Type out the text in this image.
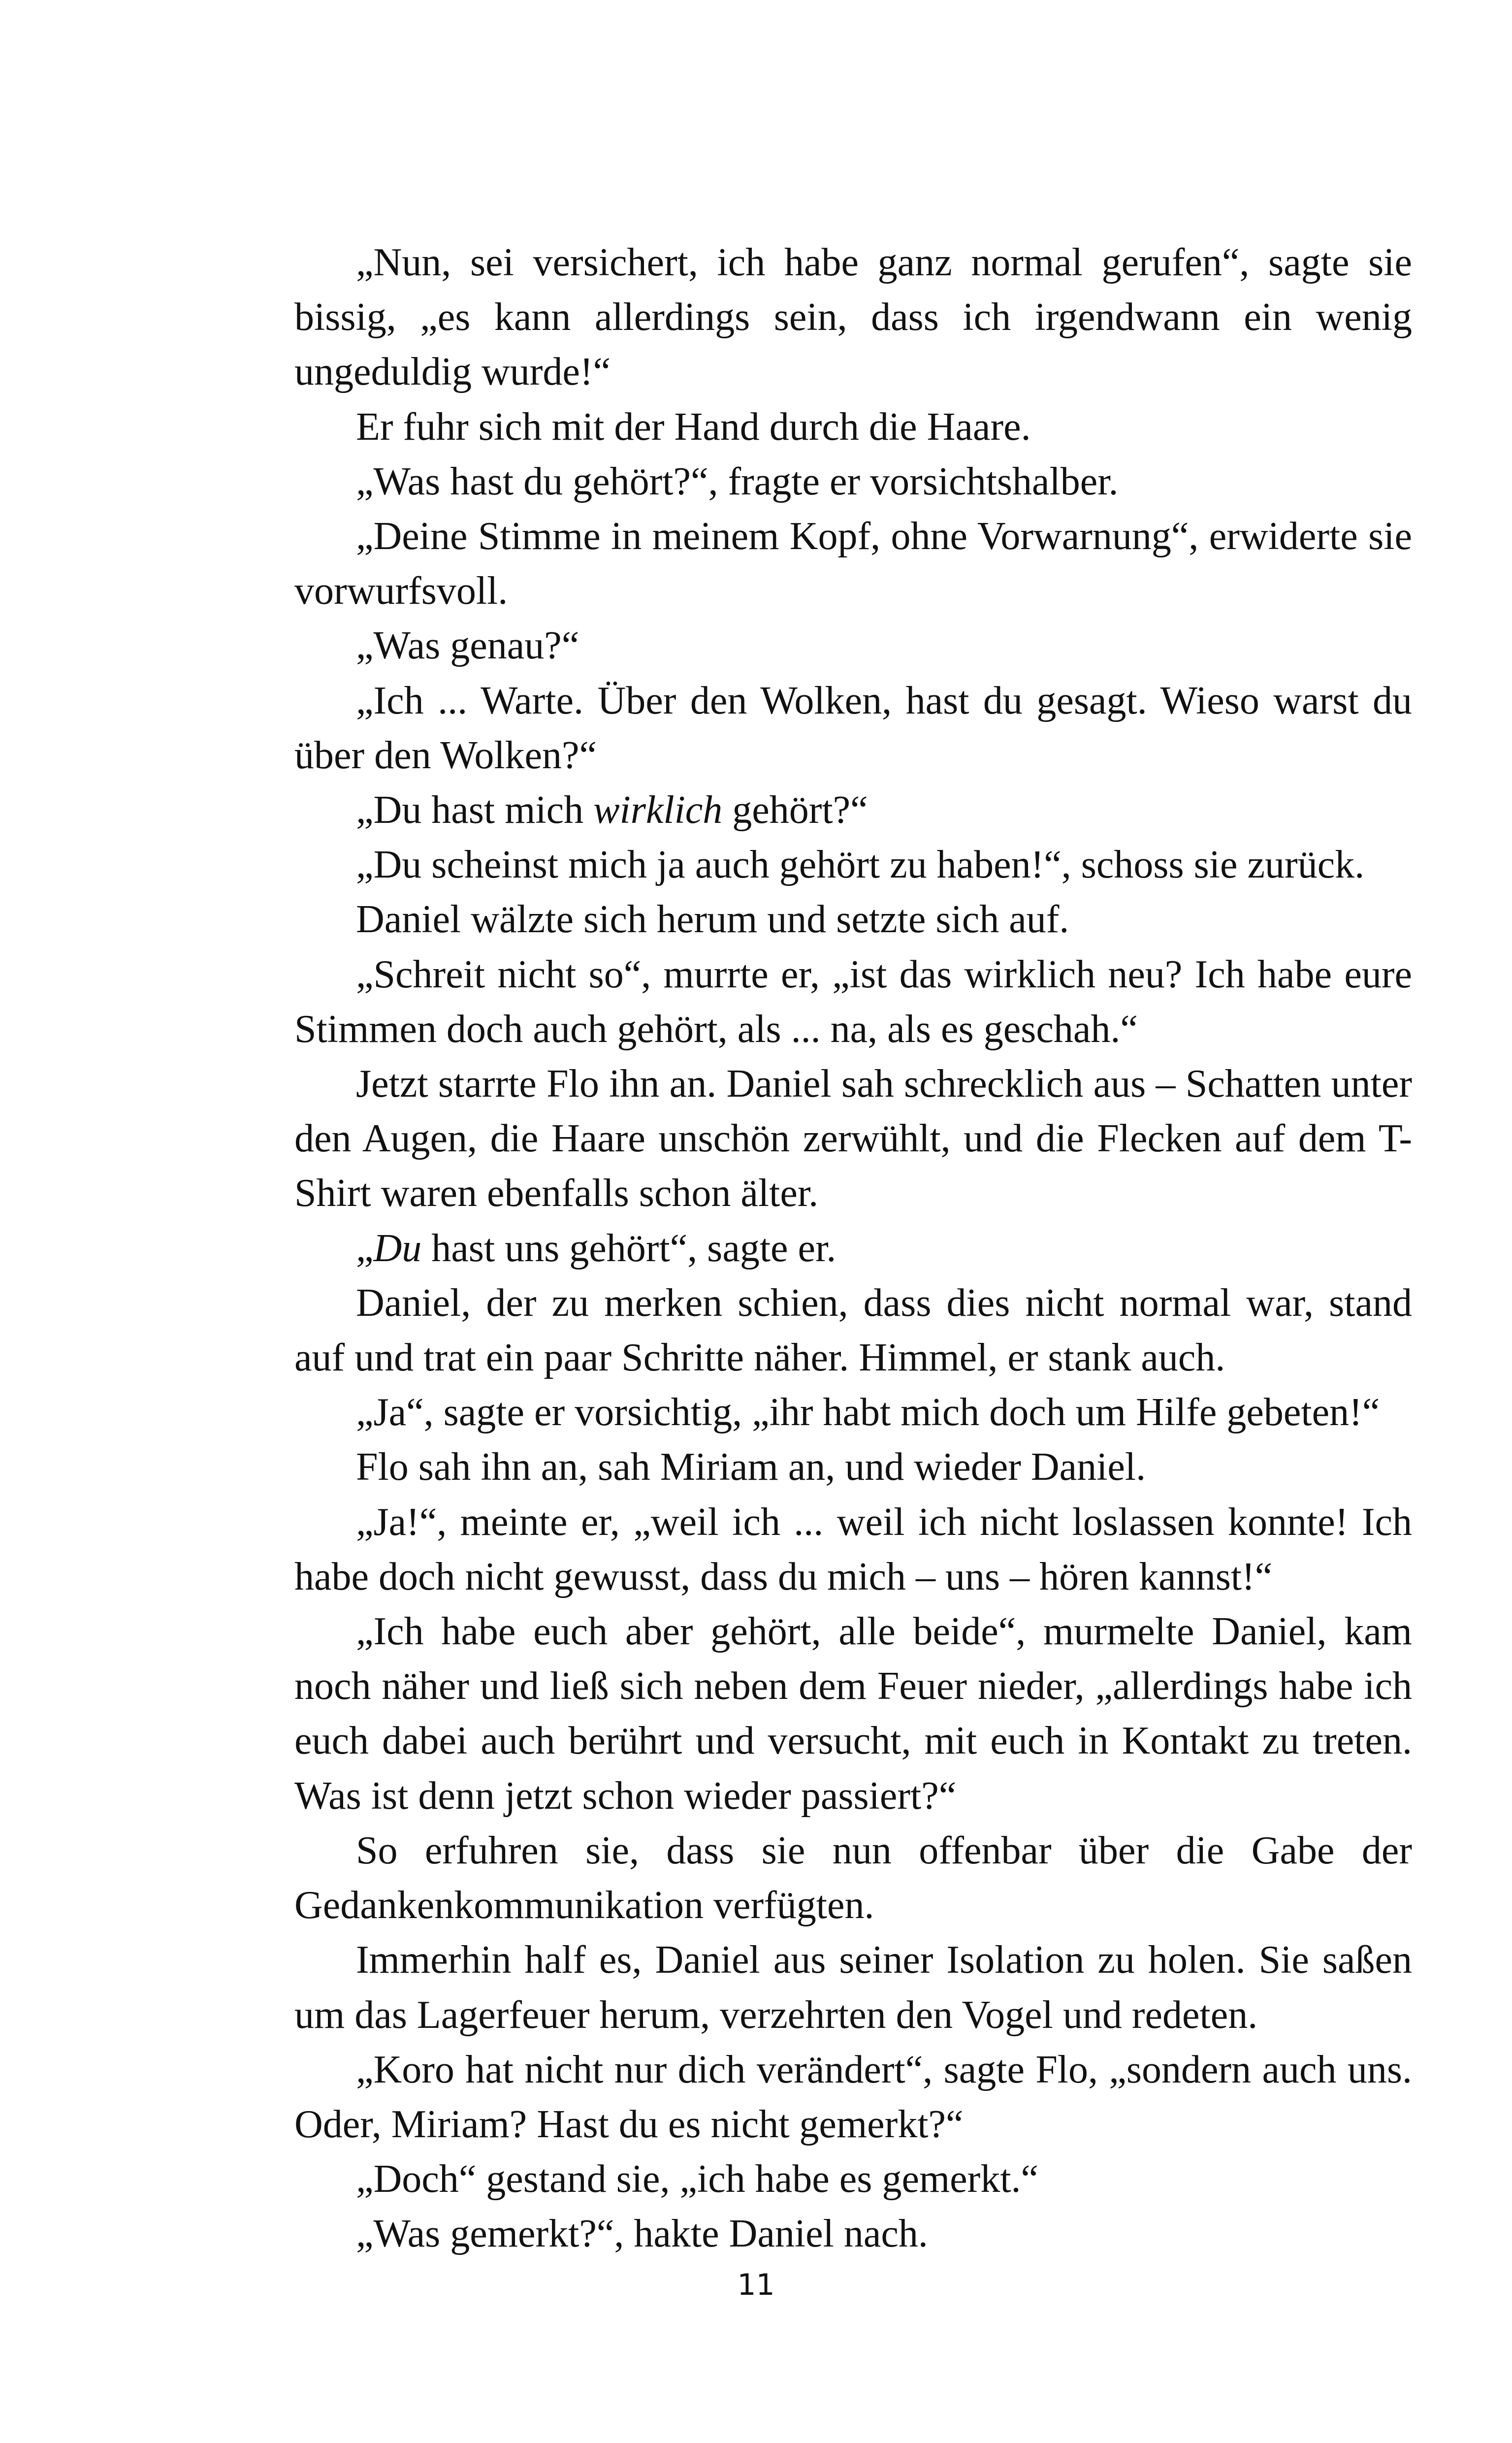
„Nun, sei versichert, ich habe ganz normal gerufen“, sagte sie bissig, „es kann allerdings sein, dass ich irgendwann ein wenig ungeduldig wurde!“

Er fuhr sich mit der Hand durch die Haare.

„Was hast du gehört?“, fragte er vorsichtshalber.

„Deine Stimme in meinem Kopf, ohne Vorwarnung“, erwiderte sie vorwurfsvoll.

„Was genau?“

„Ich ... Warte. Über den Wolken, hast du gesagt. Wieso warst du über den Wolken?“

„Du hast mich wirklich gehört?“

„Du scheinst mich ja auch gehört zu haben!“, schoss sie zurück.

Daniel wälzte sich herum und setzte sich auf.

„Schreit nicht so“, murrte er, „ist das wirklich neu? Ich habe eure Stimmen doch auch gehört, als ... na, als es geschah.“

Jetzt starrte Flo ihn an. Daniel sah schrecklich aus – Schatten unter den Augen, die Haare unschön zerwühlt, und die Flecken auf dem T-Shirt waren ebenfalls schon älter.

„Du hast uns gehört“, sagte er.

Daniel, der zu merken schien, dass dies nicht normal war, stand auf und trat ein paar Schritte näher. Himmel, er stank auch.

„Ja“, sagte er vorsichtig, „ihr habt mich doch um Hilfe gebeten!“

Flo sah ihn an, sah Miriam an, und wieder Daniel.

„Ja!“, meinte er, „weil ich ... weil ich nicht loslassen konnte! Ich habe doch nicht gewusst, dass du mich – uns – hören kannst!“

„Ich habe euch aber gehört, alle beide“, murmelte Daniel, kam noch näher und ließ sich neben dem Feuer nieder, „allerdings habe ich euch dabei auch berührt und versucht, mit euch in Kontakt zu treten. Was ist denn jetzt schon wieder passiert?“

So erfuhren sie, dass sie nun offenbar über die Gabe der Gedankenkommunikation verfügten.

Immerhin half es, Daniel aus seiner Isolation zu holen. Sie saßen um das Lagerfeuer herum, verzehrten den Vogel und redeten.

„Koro hat nicht nur dich verändert“, sagte Flo, „sondern auch uns. Oder, Miriam? Hast du es nicht gemerkt?“

„Doch“ gestand sie, „ich habe es gemerkt.“

„Was gemerkt?“, hakte Daniel nach.

11
